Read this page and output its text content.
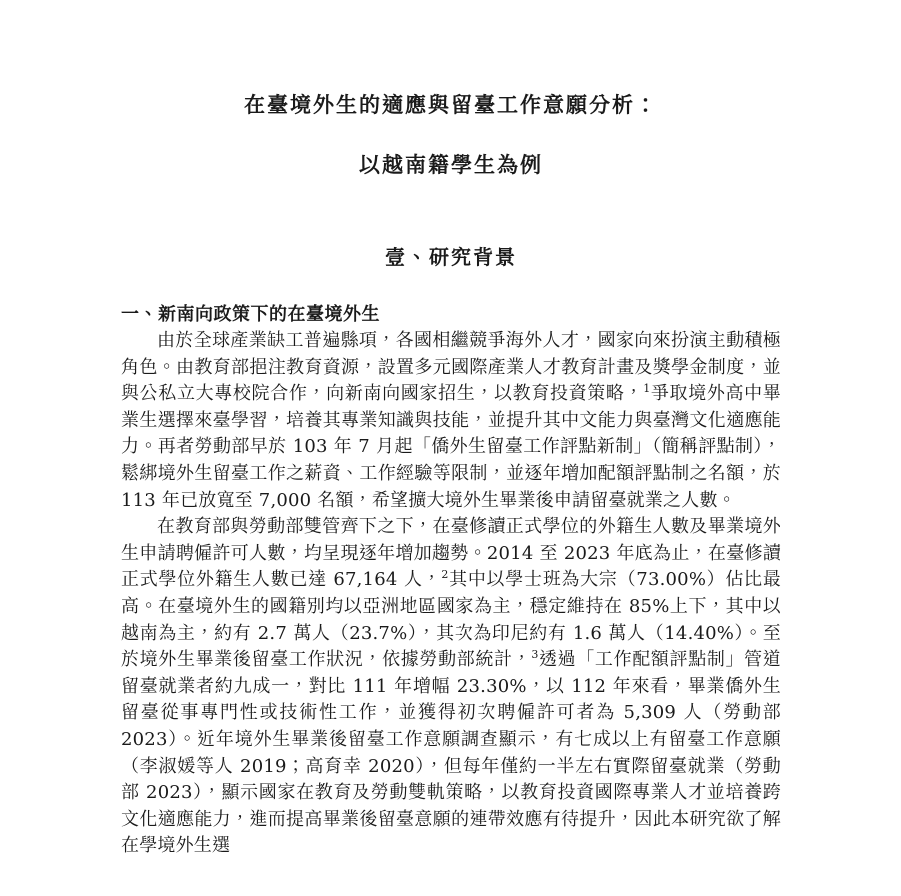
在臺境外生的適應與留臺工作意願分析：
以越南籍學生為例
壹、研究背景
一、新南向政策下的在臺境外生

由於全球產業缺工普遍縣項，各國相繼競爭海外人才，國家向來扮演主動積極角色。由教育部挹注教育資源，設置多元國際產業人才教育計畫及獎學金制度，並與公私立大專校院合作，向新南向國家招生，以教育投資策略，$^1$爭取境外高中畢業生選擇來臺學習，培養其專業知識與技能，並提升其中文能力與臺灣文化適應能力。再者勞動部早於 103 年 7 月起「僑外生留臺工作評點新制」（簡稱評點制），鬆綁境外生留臺工作之薪資、工作經驗等限制，並逐年增加配額評點制之名額，於 113 年已放寬至 7,000 名額，希望擴大境外生畢業後申請留臺就業之人數。

在教育部與勞動部雙管齊下之下，在臺修讀正式學位的外籍生人數及畢業境外生申請聘僱許可人數，均呈現逐年增加趨勢。2014 至 2023 年底為止，在臺修讀正式學位外籍生人數已達 67,164 人，$^2$其中以學士班為大宗（73.00%）佔比最高。在臺境外生的國籍別均以亞洲地區國家為主，穩定維持在 85%上下，其中以越南為主，約有 2.7 萬人（23.7%），其次為印尼約有 1.6 萬人（14.40%）。至於境外生畢業後留臺工作狀況，依據勞動部統計，$^3$透過「工作配額評點制」管道留臺就業者約九成一，對比 111 年增幅 23.30%，以 112 年來看，畢業僑外生留臺從事專門性或技術性工作，並獲得初次聘僱許可者為 5,309 人（勞動部 2023）。近年境外生畢業後留臺工作意願調查顯示，有七成以上有留臺工作意願（李淑媛等人 2019；高育幸 2020），但每年僅約一半左右實際留臺就業（勞動部 2023），顯示國家在教育及勞動雙軌策略，以教育投資國際專業人才並培養跨文化適應能力，進而提高畢業後留臺意願的連帶效應有待提升，因此本研究欲了解在學境外生選
